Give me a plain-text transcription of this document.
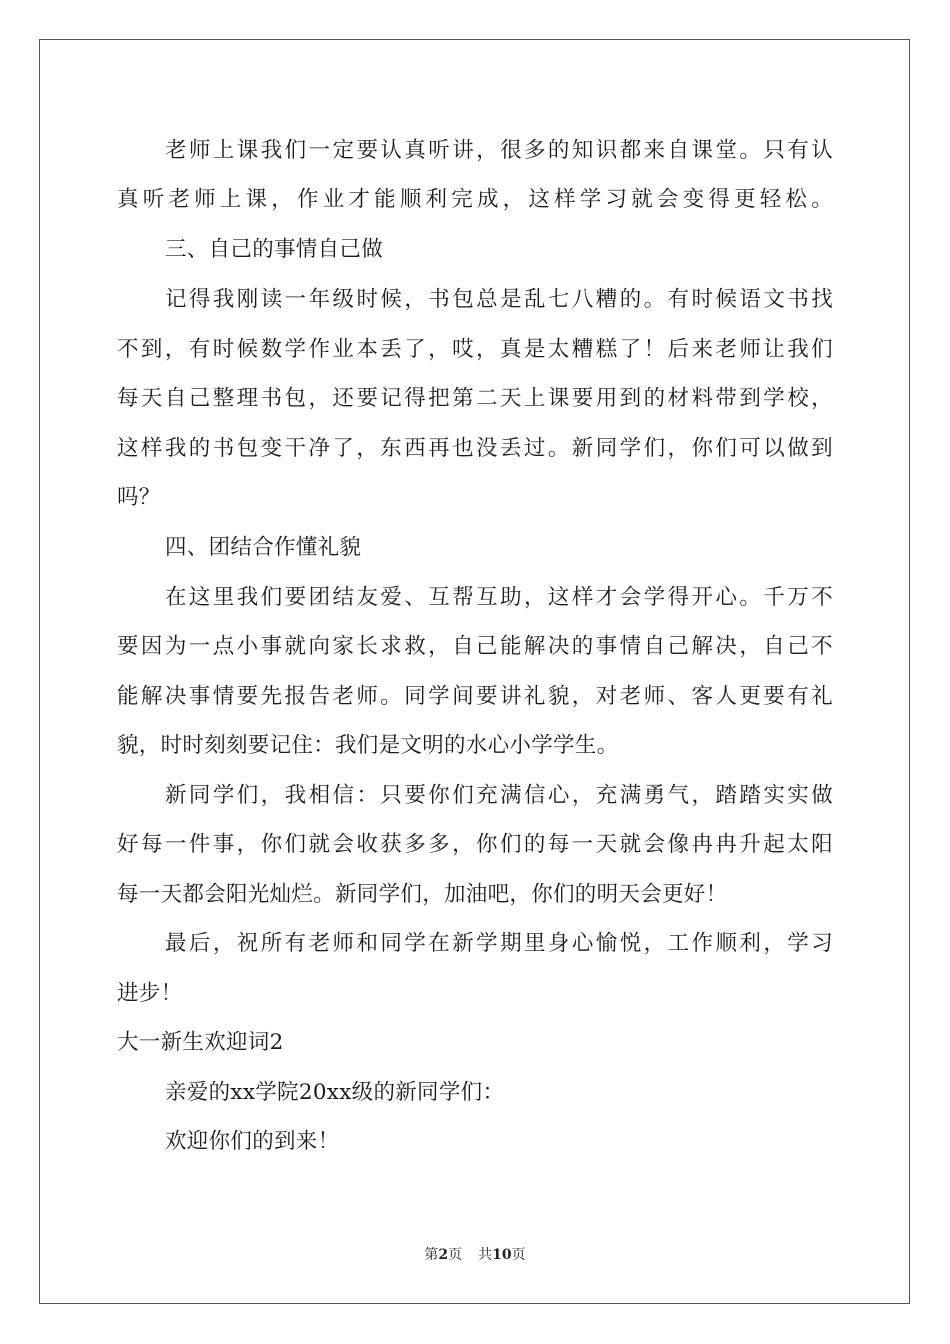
老师上课我们一定要认真听讲，很多的知识都来自课堂。只有认
真听老师上课，作业才能顺利完成，这样学习就会变得更轻松。
三、自己的事情自己做
记得我刚读一年级时候，书包总是乱七八糟的。有时候语文书找
不到，有时候数学作业本丢了，哎，真是太糟糕了！后来老师让我们
每天自己整理书包，还要记得把第二天上课要用到的材料带到学校，
这样我的书包变干净了，东西再也没丢过。新同学们，你们可以做到
吗？
四、团结合作懂礼貌
在这里我们要团结友爱、互帮互助，这样才会学得开心。千万不
要因为一点小事就向家长求救，自己能解决的事情自己解决，自己不
能解决事情要先报告老师。同学间要讲礼貌，对老师、客人更要有礼
貌，时时刻刻要记住：我们是文明的水心小学学生。
新同学们，我相信：只要你们充满信心，充满勇气，踏踏实实做
好每一件事，你们就会收获多多，你们的每一天就会像冉冉升起太阳
每一天都会阳光灿烂。新同学们，加油吧，你们的明天会更好！
最后，祝所有老师和同学在新学期里身心愉悦，工作顺利，学习
进步！
大一新生欢迎词2
亲爱的xx学院20xx级的新同学们：
欢迎你们的到来！
第2页 共10页
